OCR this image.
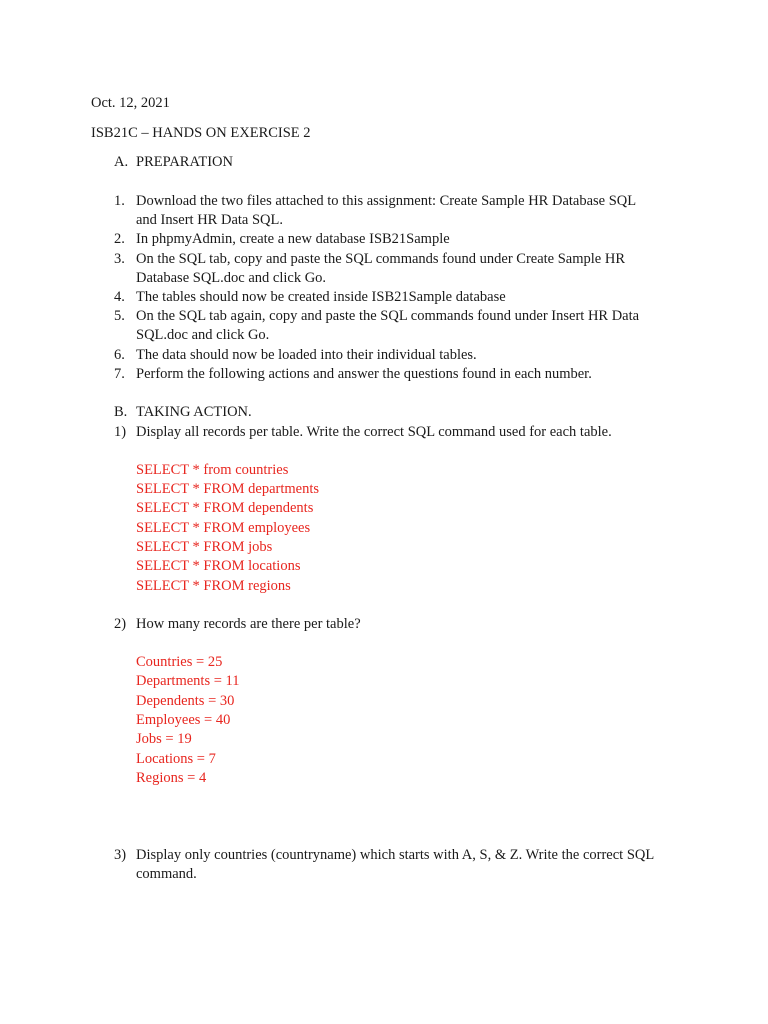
Oct. 12, 2021
ISB21C – HANDS ON EXERCISE 2
A. PREPARATION
1. Download the two files attached to this assignment: Create Sample HR Database SQL
and Insert HR Data SQL.
2. In phpmyAdmin, create a new database ISB21Sample
3. On the SQL tab, copy and paste the SQL commands found under Create Sample HR
Database SQL.doc and click Go.
4. The tables should now be created inside ISB21Sample database
5. On the SQL tab again, copy and paste the SQL commands found under Insert HR Data
SQL.doc and click Go.
6. The data should now be loaded into their individual tables.
7. Perform the following actions and answer the questions found in each number.
B. TAKING ACTION.
1) Display all records per table. Write the correct SQL command used for each table.
SELECT * from countries
SELECT * FROM departments
SELECT * FROM dependents
SELECT * FROM employees
SELECT * FROM jobs
SELECT * FROM locations
SELECT * FROM regions
2) How many records are there per table?
Countries = 25
Departments = 11
Dependents = 30
Employees = 40
Jobs = 19
Locations = 7
Regions = 4
3) Display only countries (countryname) which starts with A, S, & Z. Write the correct SQL
command.
